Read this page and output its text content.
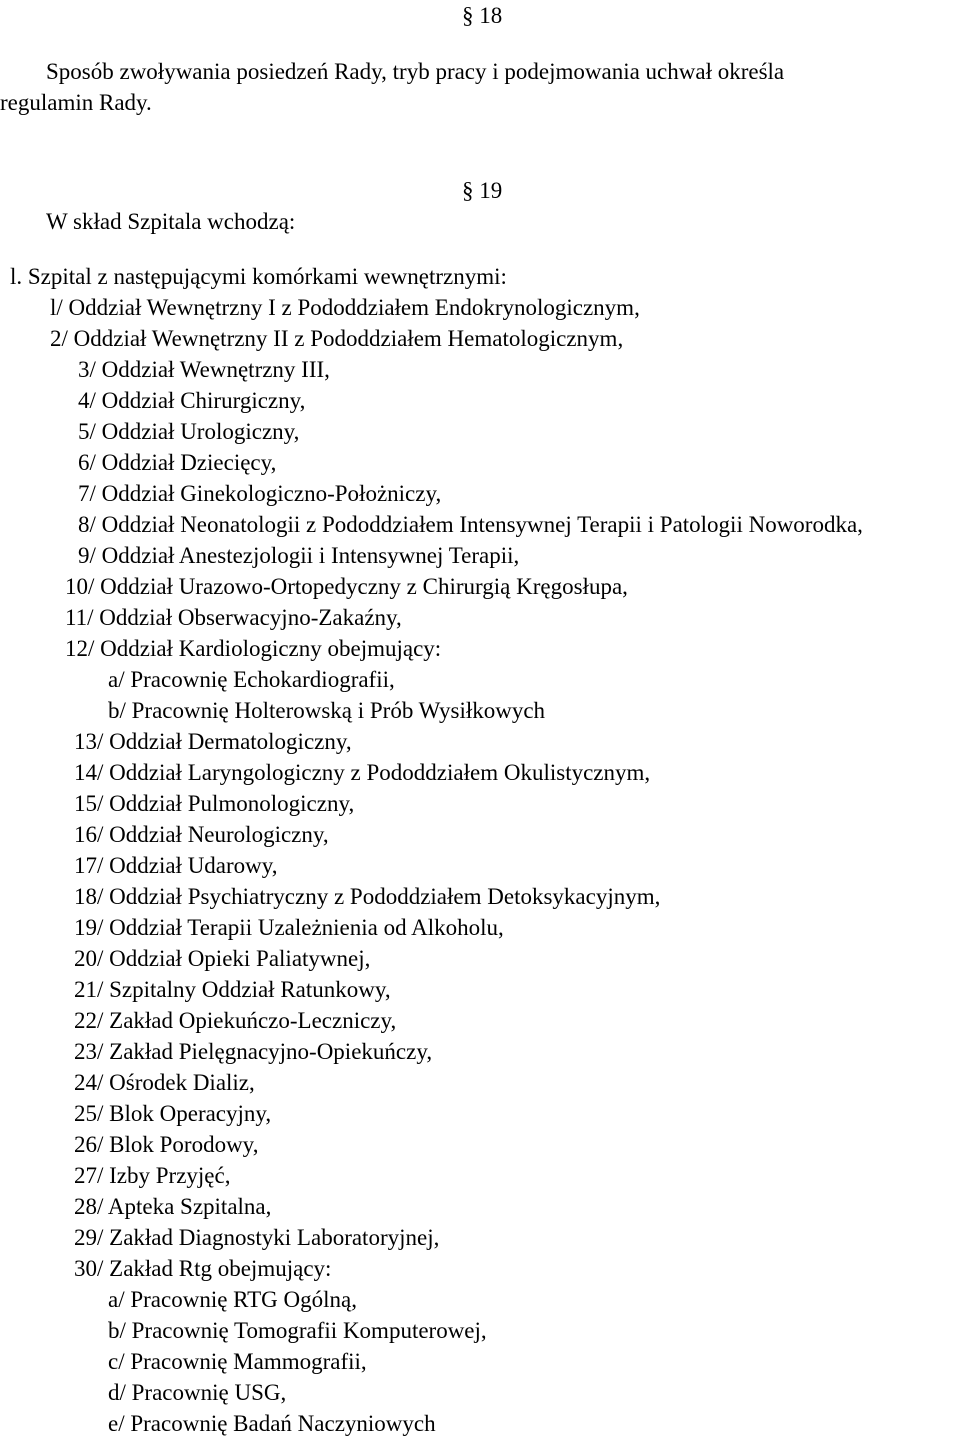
§ 18
Sposób zwoływania posiedzeń Rady, tryb pracy i podejmowania uchwał określa
regulamin Rady.
§ 19
W skład Szpitala wchodzą:
l. Szpital z następującymi komórkami wewnętrznymi:
l/ Oddział Wewnętrzny I z Pododdziałem Endokrynologicznym,
2/ Oddział Wewnętrzny II z Pododdziałem Hematologicznym,
3/ Oddział Wewnętrzny III,
4/ Oddział Chirurgiczny,
5/ Oddział Urologiczny,
6/ Oddział Dziecięcy,
7/ Oddział Ginekologiczno-Położniczy,
8/ Oddział Neonatologii z Pododdziałem Intensywnej Terapii i Patologii Noworodka,
9/ Oddział Anestezjologii i Intensywnej Terapii,
10/ Oddział Urazowo-Ortopedyczny z Chirurgią Kręgosłupa,
11/ Oddział Obserwacyjno-Zakaźny,
12/ Oddział Kardiologiczny obejmujący:
a/ Pracownię Echokardiografii,
b/ Pracownię Holterowską i Prób Wysiłkowych
13/ Oddział Dermatologiczny,
14/ Oddział Laryngologiczny z Pododdziałem Okulistycznym,
15/ Oddział Pulmonologiczny,
16/ Oddział Neurologiczny,
17/ Oddział Udarowy,
18/ Oddział Psychiatryczny z Pododdziałem Detoksykacyjnym,
19/ Oddział Terapii Uzależnienia od Alkoholu,
20/ Oddział Opieki Paliatywnej,
21/ Szpitalny Oddział Ratunkowy,
22/ Zakład Opiekuńczo-Leczniczy,
23/ Zakład Pielęgnacyjno-Opiekuńczy,
24/ Ośrodek Dializ,
25/ Blok Operacyjny,
26/ Blok Porodowy,
27/ Izby Przyjęć,
28/ Apteka Szpitalna,
29/ Zakład Diagnostyki Laboratoryjnej,
30/ Zakład Rtg obejmujący:
a/ Pracownię RTG Ogólną,
b/ Pracownię Tomografii Komputerowej,
c/ Pracownię Mammografii,
d/ Pracownię USG,
e/ Pracownię Badań Naczyniowych
